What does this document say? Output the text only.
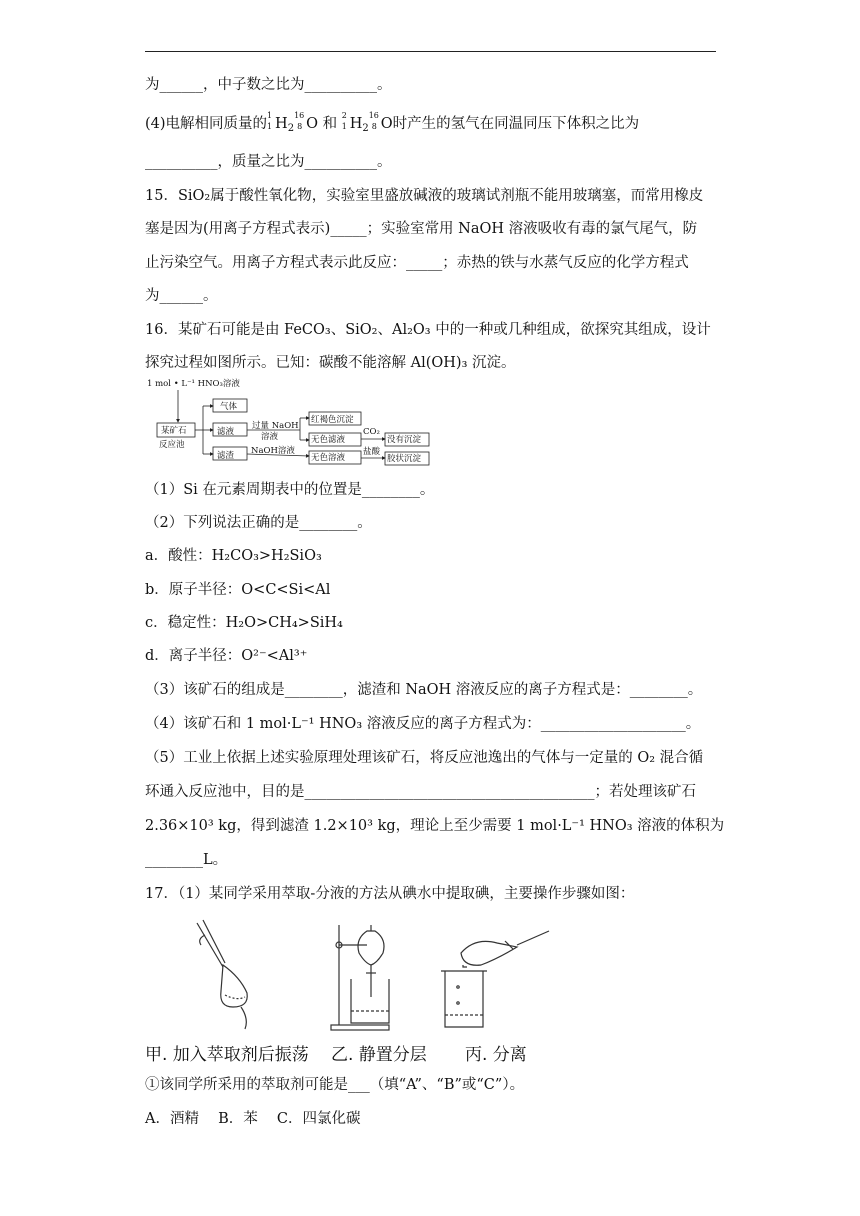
为______，中子数之比为__________。
(4)电解相同质量的
1
1 $H_2$
16
8 O 和
2
1 $H_2$
16
8 O时产生的氢气在同温同压下体积之比为
__________，质量之比为__________。
15．SiO₂属于酸性氧化物，实验室里盛放碱液的玻璃试剂瓶不能用玻璃塞，而常用橡皮
塞是因为(用离子方程式表示)_____；实验室常用 NaOH 溶液吸收有毒的氯气尾气，防
止污染空气。用离子方程式表示此反应：_____；赤热的铁与水蒸气反应的化学方程式
为______。
16．某矿石可能是由 FeCO₃、SiO₂、Al₂O₃ 中的一种或几种组成，欲探究其组成，设计
探究过程如图所示。已知：碳酸不能溶解 Al(OH)₃ 沉淀。
1 mol • L⁻¹ HNO₃溶液
某矿石
反应池
气体
滤液
滤渣
过量 NaOH
溶液
NaOH溶液
红褐色沉淀
无色滤液
无色溶液
CO₂
盐酸
没有沉淀
胶状沉淀
（1）Si 在元素周期表中的位置是________。
（2）下列说法正确的是________。
a．酸性：H₂CO₃>H₂SiO₃
b．原子半径：O<C<Si<Al
c．稳定性：H₂O>CH₄>SiH₄
d．离子半径：O²⁻<Al³⁺
（3）该矿石的组成是________，滤渣和 NaOH 溶液反应的离子方程式是：________。
（4）该矿石和 1 mol·L⁻¹ HNO₃ 溶液反应的离子方程式为：____________________。
（5）工业上依据上述实验原理处理该矿石，将反应池逸出的气体与一定量的 O₂ 混合循
环通入反应池中，目的是________________________________________；若处理该矿石
2.36×10³ kg，得到滤渣 1.2×10³ kg，理论上至少需要 1 mol·L⁻¹ HNO₃ 溶液的体积为
________L。
17．（1）某同学采用萃取-分液的方法从碘水中提取碘，主要操作步骤如图：
甲. 加入萃取剂后振荡 乙. 静置分层 丙. 分离
①该同学所采用的萃取剂可能是___（填“A”、“B”或“C”）。
A．酒精　 B．苯　 C．四氯化碳
